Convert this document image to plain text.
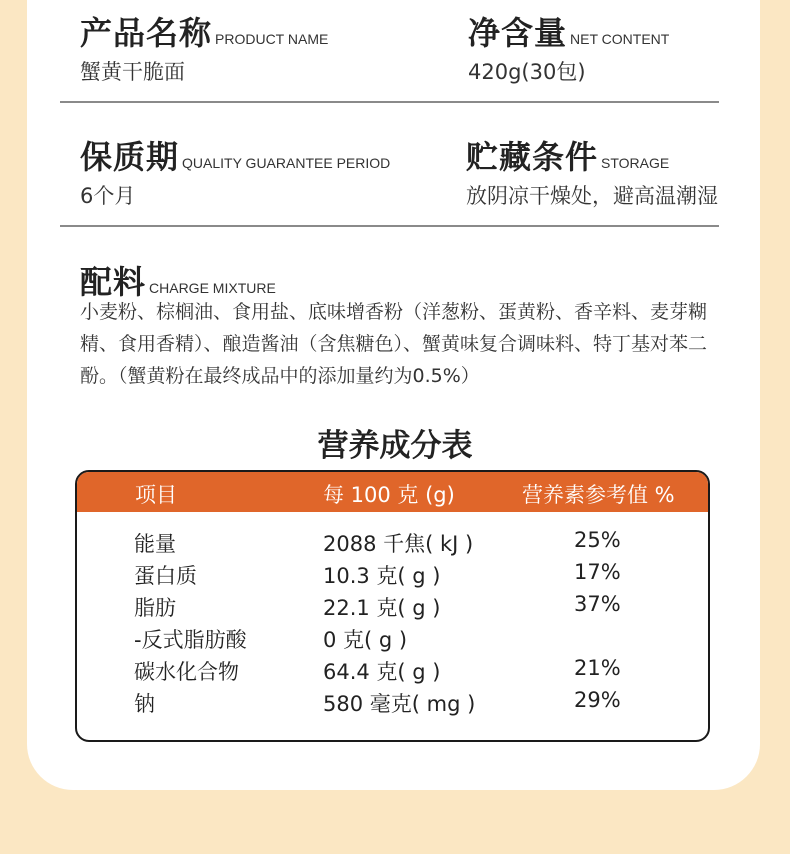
产品名称 PRODUCT NAME
蟹黄干脆面
净含量 NET CONTENT
420g(30包)
保质期 QUALITY GUARANTEE PERIOD
6个月
贮藏条件 STORAGE
放阴凉干燥处，避高温潮湿
配料 CHARGE MIXTURE
小麦粉、棕榈油、食用盐、底味增香粉（洋葱粉、蛋黄粉、香辛料、麦芽糊精、食用香精）、酿造酱油（含焦糖色）、蟹黄味复合调味料、特丁基对苯二酚。（蟹黄粉在最终成品中的添加量约为0.5%）
营养成分表
项目	每 100 克 (g)	营养素参考值 %
能量	2088 千焦( kJ )	25%
蛋白质	10.3 克( g )	17%
脂肪	22.1 克( g )	37%
-反式脂肪酸	0 克( g )
碳水化合物	64.4 克( g )	21%
钠	580 毫克( mg )	29%
